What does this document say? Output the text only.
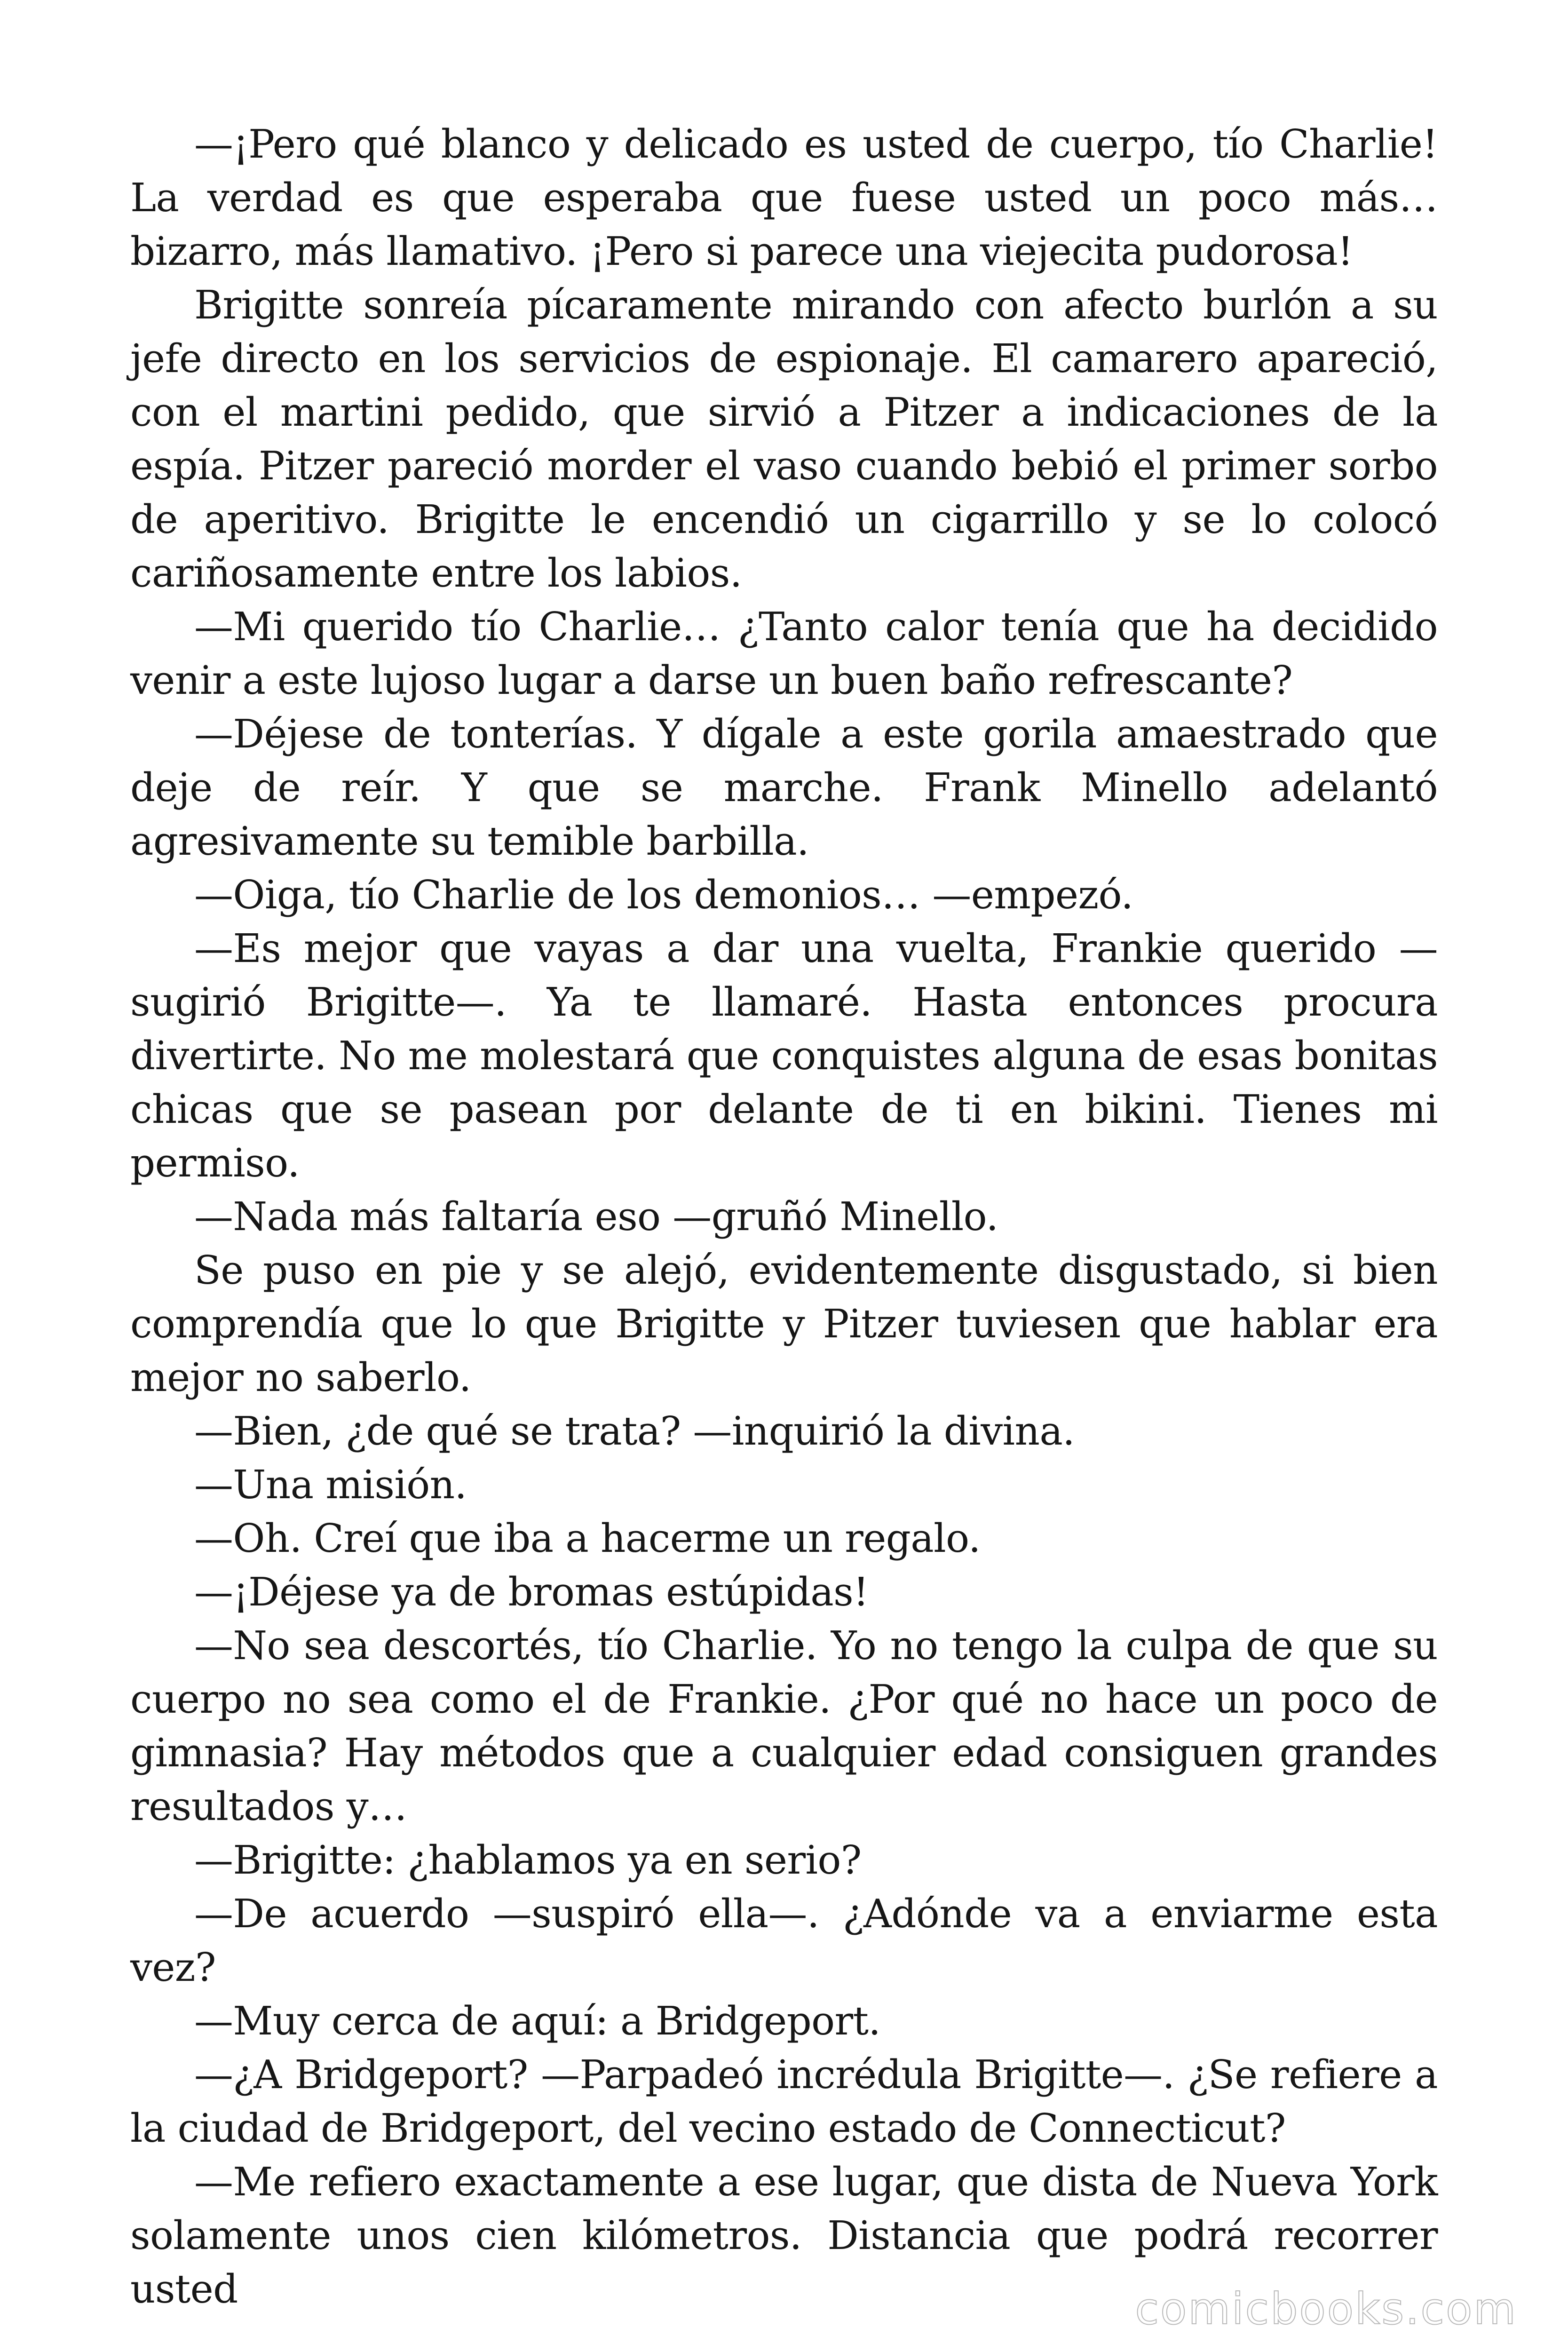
—¡Pero qué blanco y delicado es usted de cuerpo, tío Charlie! La verdad es que esperaba que fuese usted un poco más… bizarro, más llamativo. ¡Pero si parece una viejecita pudorosa!

Brigitte sonreía pícaramente mirando con afecto burlón a su jefe directo en los servicios de espionaje. El camarero apareció, con el martini pedido, que sirvió a Pitzer a indicaciones de la espía. Pitzer pareció morder el vaso cuando bebió el primer sorbo de aperitivo. Brigitte le encendió un cigarrillo y se lo colocó cariñosamente entre los labios.

—Mi querido tío Charlie… ¿Tanto calor tenía que ha decidido venir a este lujoso lugar a darse un buen baño refrescante?

—Déjese de tonterías. Y dígale a este gorila amaestrado que deje de reír. Y que se marche. Frank Minello adelantó agresivamente su temible barbilla.

—Oiga, tío Charlie de los demonios… —empezó.

—Es mejor que vayas a dar una vuelta, Frankie querido —sugirió Brigitte—. Ya te llamaré. Hasta entonces procura divertirte. No me molestará que conquistes alguna de esas bonitas chicas que se pasean por delante de ti en bikini. Tienes mi permiso.

—Nada más faltaría eso —gruñó Minello.

Se puso en pie y se alejó, evidentemente disgustado, si bien comprendía que lo que Brigitte y Pitzer tuviesen que hablar era mejor no saberlo.

—Bien, ¿de qué se trata? —inquirió la divina.

—Una misión.

—Oh. Creí que iba a hacerme un regalo.

—¡Déjese ya de bromas estúpidas!

—No sea descortés, tío Charlie. Yo no tengo la culpa de que su cuerpo no sea como el de Frankie. ¿Por qué no hace un poco de gimnasia? Hay métodos que a cualquier edad consiguen grandes resultados y…

—Brigitte: ¿hablamos ya en serio?

—De acuerdo —suspiró ella—. ¿Adónde va a enviarme esta vez?

—Muy cerca de aquí: a Bridgeport.

—¿A Bridgeport? —Parpadeó incrédula Brigitte—. ¿Se refiere a la ciudad de Bridgeport, del vecino estado de Connecticut?

—Me refiero exactamente a ese lugar, que dista de Nueva York solamente unos cien kilómetros. Distancia que podrá recorrer usted	comicbooks.com
